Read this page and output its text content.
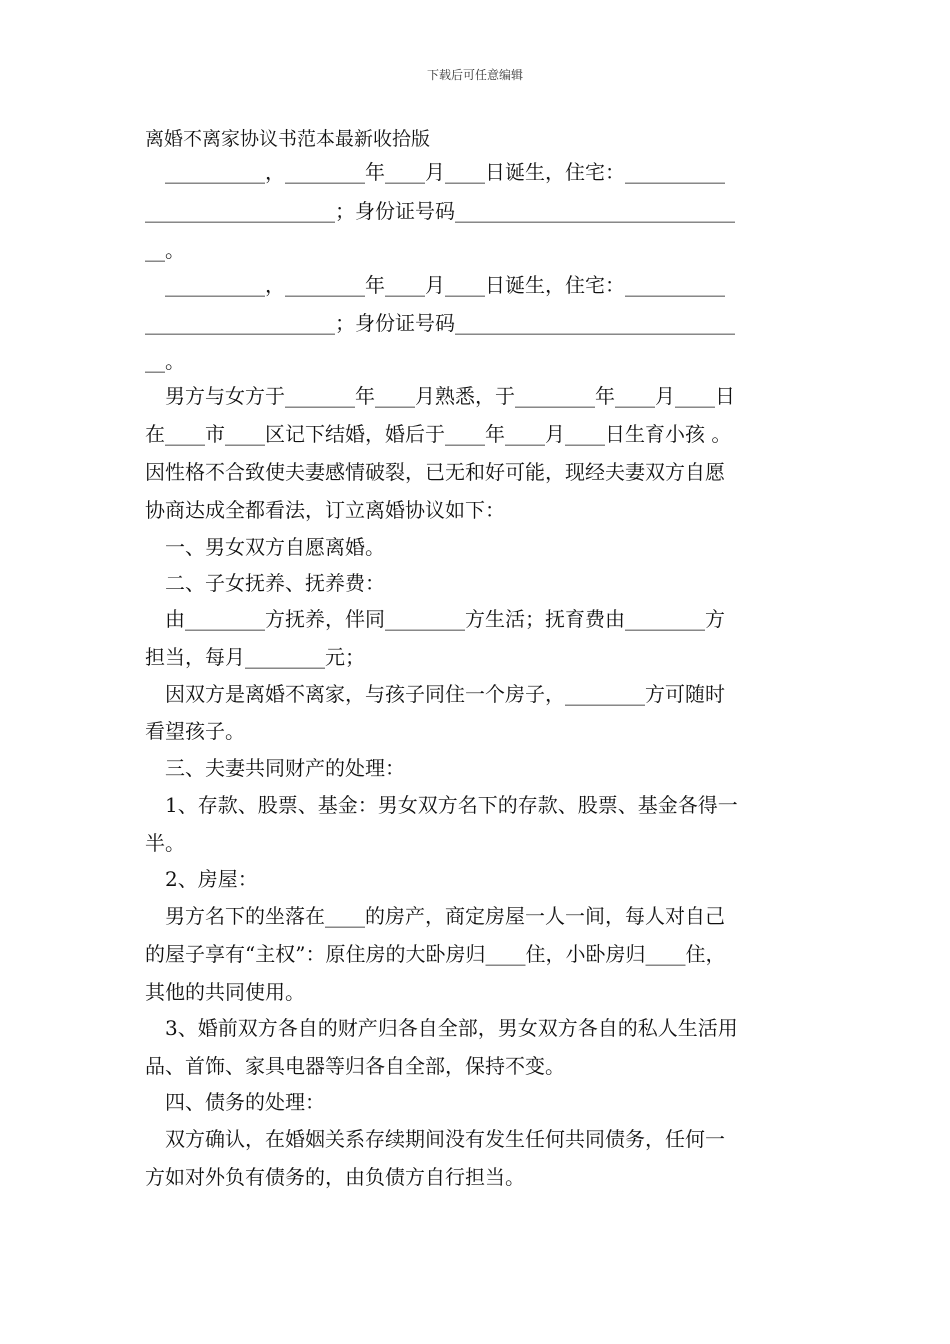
下载后可任意编辑
离婚不离家协议书范本最新收拾版
__________，________年____月____日诞生，住宅：__________
___________________；身份证号码____________________________
__。
__________，________年____月____日诞生，住宅：__________
___________________；身份证号码____________________________
__。
男方与女方于_______年____月熟悉，于________年____月____日
在____市____区记下结婚，婚后于____年____月____日生育小孩 。
因性格不合致使夫妻感情破裂，已无和好可能，现经夫妻双方自愿
协商达成全都看法，订立离婚协议如下：
一、男女双方自愿离婚。
二、子女抚养、抚养费：
由________方抚养，伴同________方生活；抚育费由________方
担当，每月________元；
因双方是离婚不离家，与孩子同住一个房子，________方可随时
看望孩子。
三、夫妻共同财产的处理：
1、存款、股票、基金：男女双方名下的存款、股票、基金各得一
半。
2、房屋：
男方名下的坐落在____的房产，商定房屋一人一间，每人对自己
的屋子享有“主权”：原住房的大卧房归____住，小卧房归____住，
其他的共同使用。
3、婚前双方各自的财产归各自全部，男女双方各自的私人生活用
品、首饰、家具电器等归各自全部，保持不变。
四、债务的处理：
双方确认，在婚姻关系存续期间没有发生任何共同债务，任何一
方如对外负有债务的，由负债方自行担当。
